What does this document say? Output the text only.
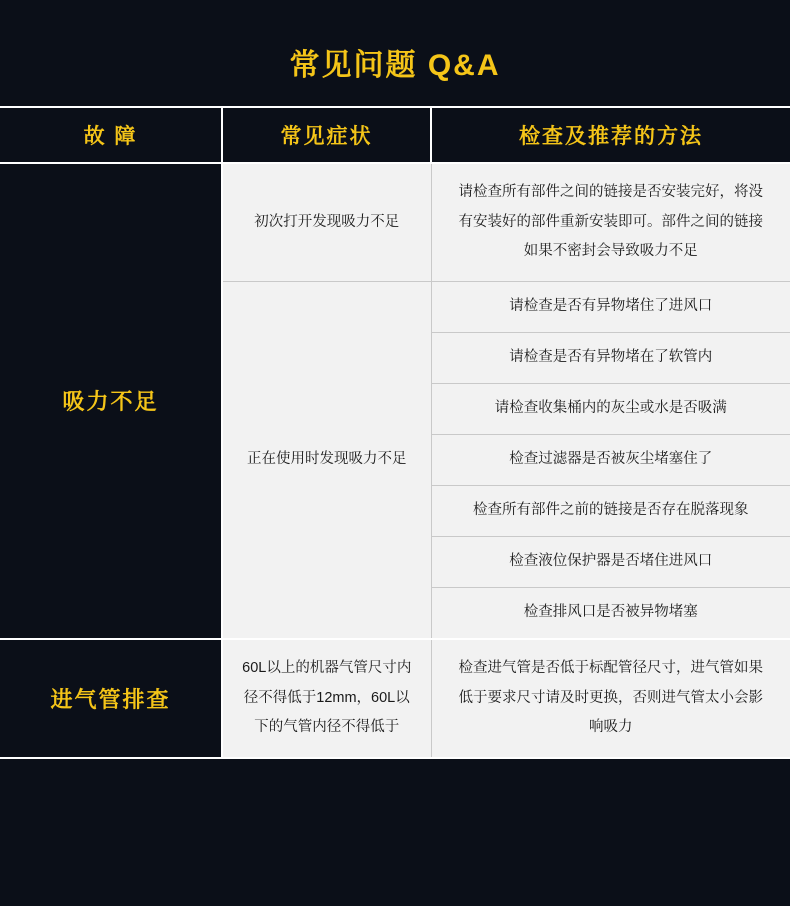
常见问题 Q&A
故 障	常见症状	检查及推荐的方法
吸力不足	初次打开发现吸力不足	请检查所有部件之间的链接是否安装完好，将没有安装好的部件重新安装即可。部件之间的链接如果不密封会导致吸力不足
	正在使用时发现吸力不足	请检查是否有异物堵住了进风口
		请检查是否有异物堵在了软管内
		请检查收集桶内的灰尘或水是否吸满
		检查过滤器是否被灰尘堵塞住了
		检查所有部件之前的链接是否存在脱落现象
		检查液位保护器是否堵住进风口
		检查排风口是否被异物堵塞
进气管排查	60L以上的机器气管尺寸内径不得低于12mm，60L以下的气管内径不得低于	检查进气管是否低于标配管径尺寸，进气管如果低于要求尺寸请及时更换，否则进气管太小会影响吸力
